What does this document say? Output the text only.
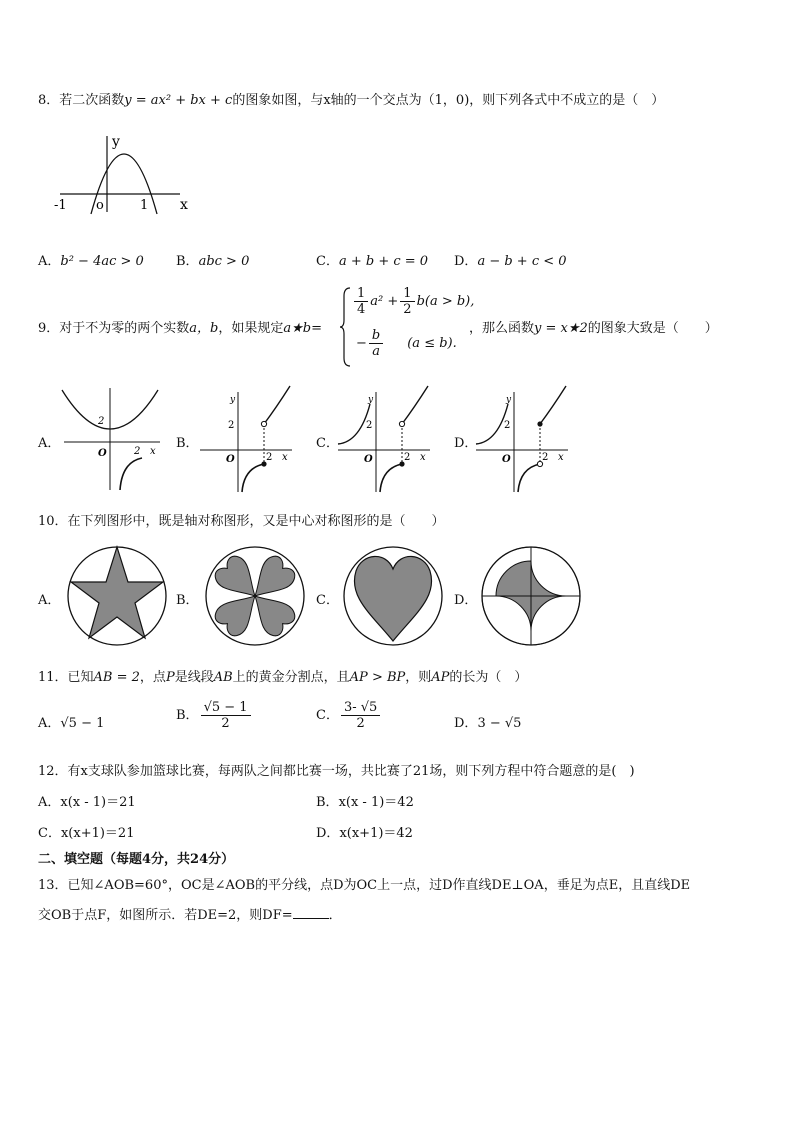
8．若二次函数y = ax² + bx + c的图象如图，与x轴的一个交点为（1，0)，则下列各式中不成立的是（　）
y
x
o
-1	1
A．b² − 4ac > 0 B．abc > 0	C．a + b + c = 0 D．a − b + c < 0
9．对于不为零的两个实数a，b，如果规定a★b=
$\frac{1}{4} a^2 + \frac{1}{2} b(a > b)$,
− $\frac{b}{a} (a \le b)$.
，那么函数y = x★2的图象大致是（　　）
A．	B．	C．	D．
2
O	2 x
y
2
O	2 x
y
2
O	2 x
y
2
O	2 x
10．在下列图形中，既是轴对称图形，又是中心对称图形的是（　　）
A．	B．	C．	D．
11．已知AB = 2，点P是线段AB上的黄金分割点，且AP > BP，则AP的长为（　）
A．√5 − 1
B． $\frac{√5 - 1}{2}$	C． $\frac{3- √5}{2}$	D．3 − √5
12．有x支球队参加篮球比赛，每两队之间都比赛一场，共比赛了21场，则下列方程中符合题意的是(　)
A．x(x - 1)＝21	B．x(x - 1)＝42
C．x(x+1)＝21	D．x(x+1)＝42
二、填空题（每题4分，共24分）
13．已知∠AOB=60°，OC是∠AOB的平分线，点D为OC上一点，过D作直线DE⊥OA，垂足为点E，且直线DE
交OB于点F，如图所示．若DE=2，则DF=	．
